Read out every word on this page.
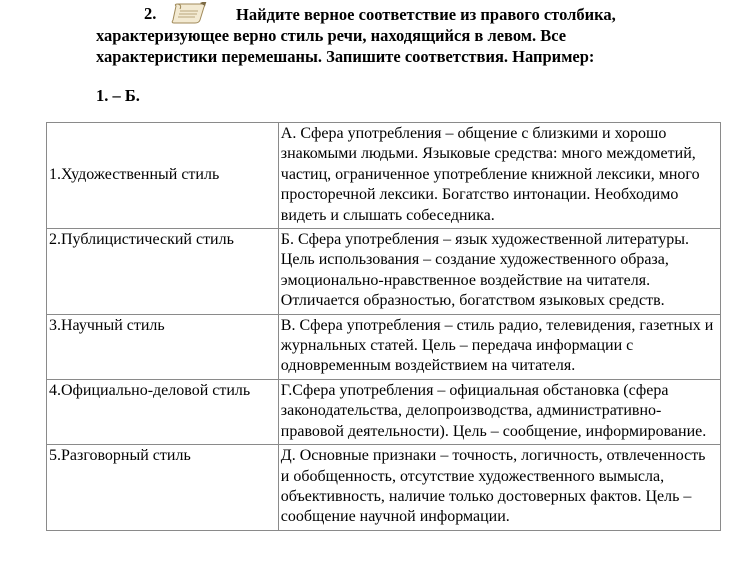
2.	Найдите верное соответствие из правого столбика,
характеризующее верно стиль речи, находящийся в левом. Все
характеристики перемешаны. Запишите соответствия. Например:
1. – Б.
1.Художественный стиль	А. Сфера употребления – общение с близкими и хорошо знакомыми людьми. Языковые средства: много междометий, частиц, ограниченное употребление книжной лексики, много просторечной лексики. Богатство интонации. Необходимо видеть и слышать собеседника.
2.Публицистический стиль	Б. Сфера употребления – язык художественной литературы. Цель использования – создание художественного образа, эмоционально-нравственное воздействие на читателя. Отличается образностью, богатством языковых средств.
3.Научный стиль	В. Сфера употребления – стиль радио, телевидения, газетных и журнальных статей. Цель – передача информации с одновременным воздействием на читателя.
4.Официально-деловой стиль	Г.Сфера употребления – официальная обстановка (сфера законодательства, делопроизводства, административно-правовой деятельности). Цель – сообщение, информирование.
5.Разговорный стиль	Д. Основные признаки – точность, логичность, отвлеченность и обобщенность, отсутствие художественного вымысла, объективность, наличие только достоверных фактов. Цель – сообщение научной информации.
